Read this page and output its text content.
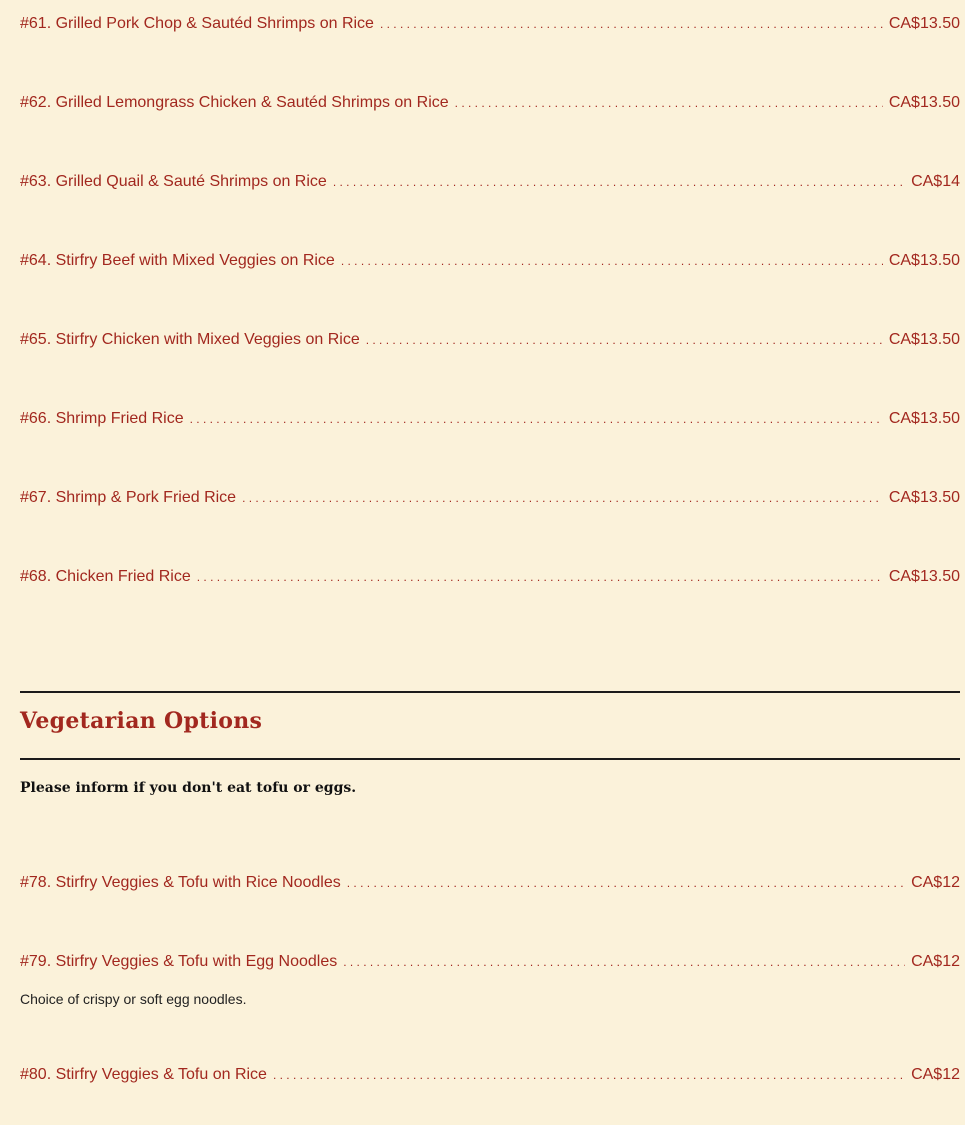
#61. Grilled Pork Chop & Sautéd Shrimps on Rice . . .	CA$13.50
#62. Grilled Lemongrass Chicken & Sautéd Shrimps on Rice . . .	CA$13.50
#63. Grilled Quail & Sauté Shrimps on Rice . . .	CA$14
#64. Stirfry Beef with Mixed Veggies on Rice . . .	CA$13.50
#65. Stirfry Chicken with Mixed Veggies on Rice . . .	CA$13.50
#66. Shrimp Fried Rice . . .	CA$13.50
#67. Shrimp & Pork Fried Rice . . .	CA$13.50
#68. Chicken Fried Rice . . .	CA$13.50
Vegetarian Options
Please inform if you don't eat tofu or eggs.
#78. Stirfry Veggies & Tofu with Rice Noodles . . .	CA$12
#79. Stirfry Veggies & Tofu with Egg Noodles . . .	CA$12
Choice of crispy or soft egg noodles.
#80. Stirfry Veggies & Tofu on Rice . . .	CA$12
